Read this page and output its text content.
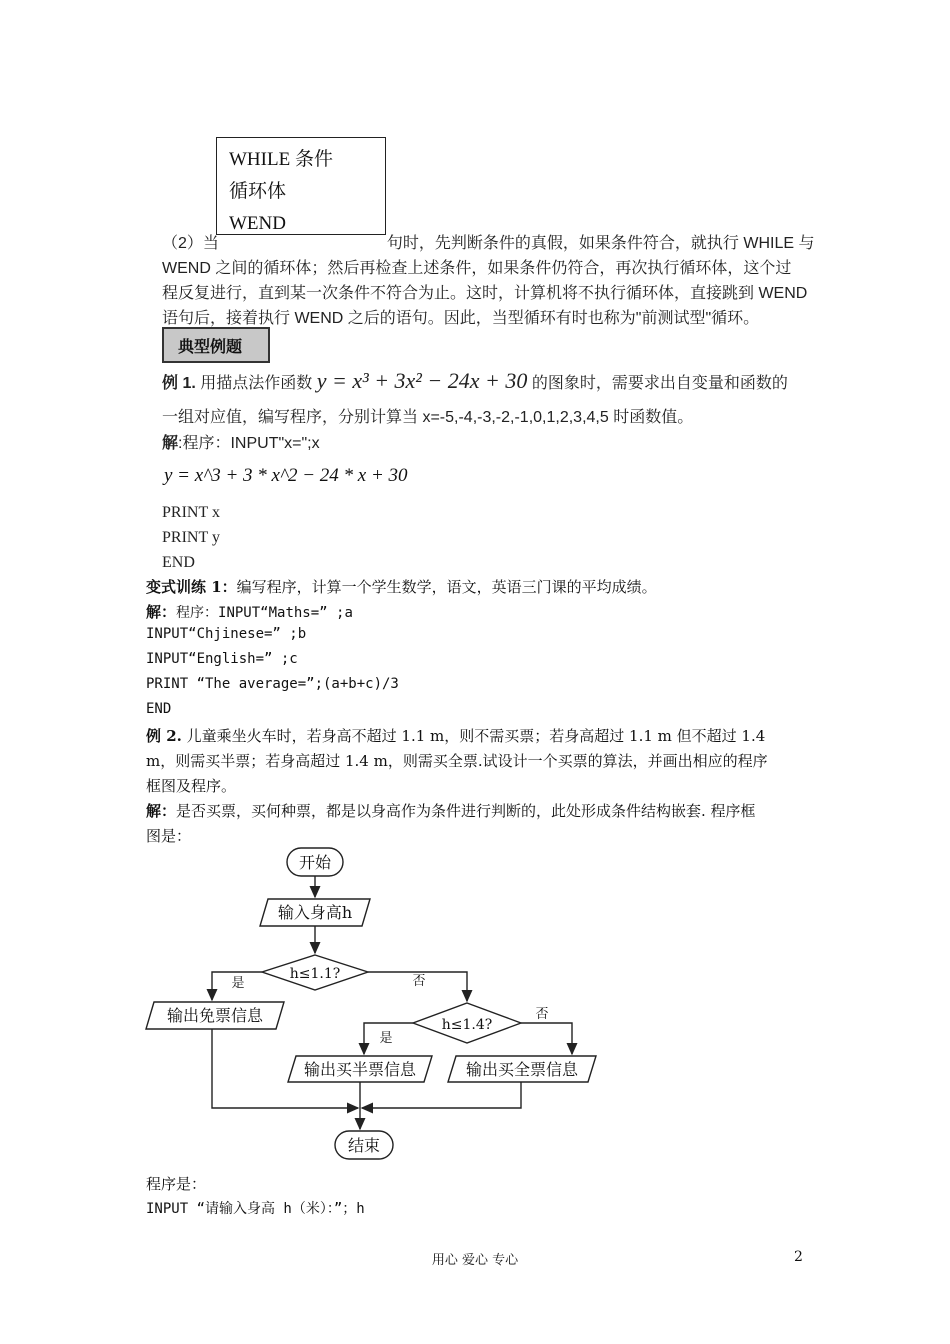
WHILE 条件
循环体
WEND
（2）当	句时，先判断条件的真假，如果条件符合，就执行 WHILE 与
WEND 之间的循环体；然后再检查上述条件，如果条件仍符合，再次执行循环体，这个过
程反复进行，直到某一次条件不符合为止。这时，计算机将不执行循环体，直接跳到 WEND
语句后，接着执行 WEND 之后的语句。因此，当型循环有时也称为"前测试型"循环。
典型例题
例 1. 用描点法作函数 y = x³ + 3x² − 24x + 30 的图象时，需要求出自变量和函数的
一组对应值，编写程序，分别计算当 x=-5,-4,-3,-2,-1,0,1,2,3,4,5 时函数值。
解:程序：INPUT"x=";x
y = x^3 + 3 * x^2 − 24 * x + 30
PRINT x
PRINT y
END
变式训练 1：编写程序，计算一个学生数学，语文，英语三门课的平均成绩。
解：程序：INPUT“Maths=” ;a
INPUT“Chjinese=” ;b
INPUT“English=” ;c
PRINT “The average=”;(a+b+c)/3
END
例 2. 儿童乘坐火车时，若身高不超过 1.1 m，则不需买票；若身高超过 1.1 m 但不超过 1.4
m，则需买半票；若身高超过 1.4 m，则需买全票.试设计一个买票的算法，并画出相应的程序
框图及程序。
解：是否买票，买何种票，都是以身高作为条件进行判断的，此处形成条件结构嵌套. 程序框
图是：
开始
输入身高h
h≤1.1?
是	否
输出免票信息	h≤1.4?
是
否
输出买半票信息	输出买全票信息
结束
程序是：
INPUT “请输入身高 h（米）：”；h
用心 爱心 专心	2
